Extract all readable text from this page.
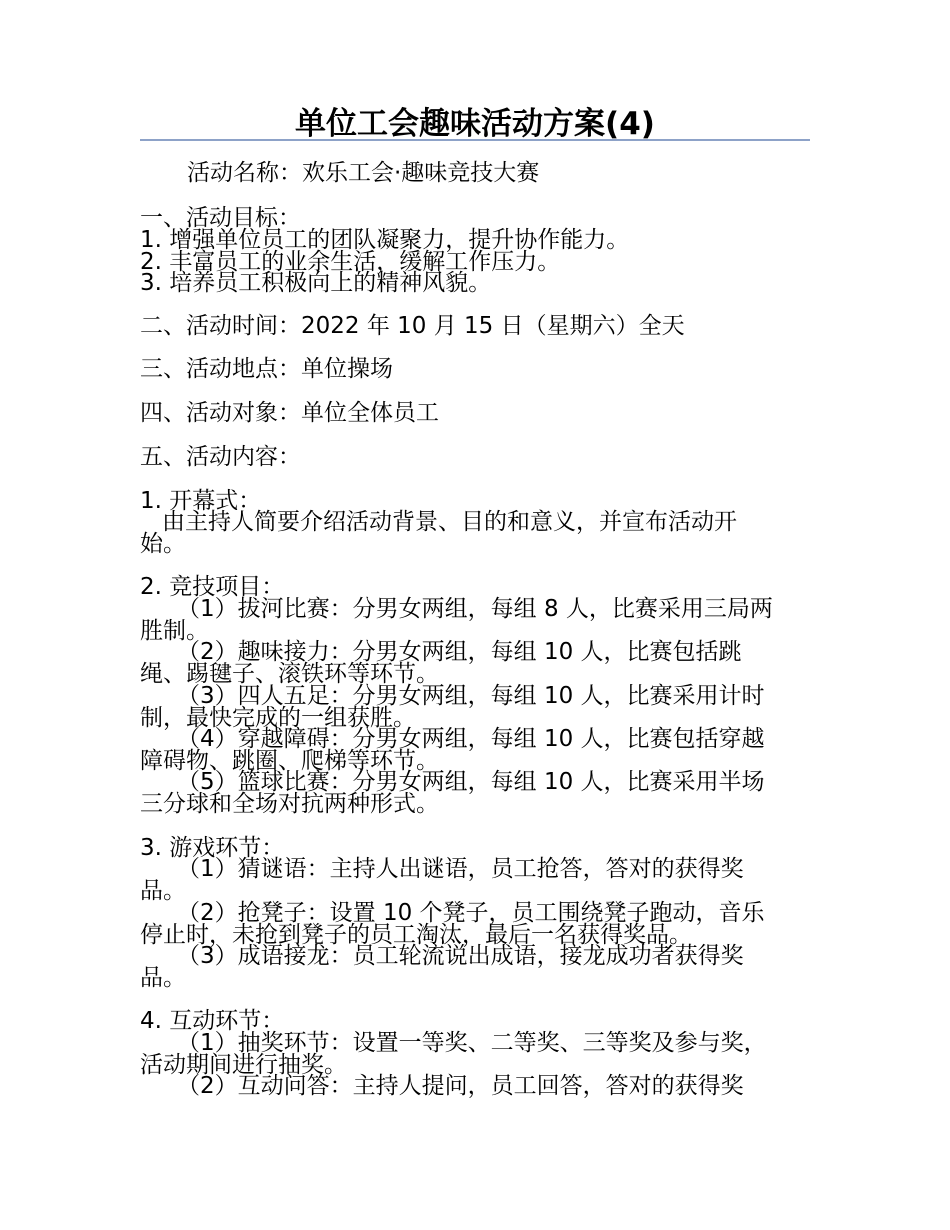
单位工会趣味活动方案(4)
活动名称：欢乐工会·趣味竞技大赛
一、活动目标：
1. 增强单位员工的团队凝聚力，提升协作能力。
2. 丰富员工的业余生活，缓解工作压力。
3. 培养员工积极向上的精神风貌。
二、活动时间：2022 年 10 月 15 日（星期六）全天
三、活动地点：单位操场
四、活动对象：单位全体员工
五、活动内容：
1. 开幕式：
由主持人简要介绍活动背景、目的和意义，并宣布活动开
始。
2. 竞技项目：
（1）拔河比赛：分男女两组，每组 8 人，比赛采用三局两
胜制。
（2）趣味接力：分男女两组，每组 10 人，比赛包括跳
绳、踢毽子、滚铁环等环节。
（3）四人五足：分男女两组，每组 10 人，比赛采用计时
制，最快完成的一组获胜。
（4）穿越障碍：分男女两组，每组 10 人，比赛包括穿越
障碍物、跳圈、爬梯等环节。
（5）篮球比赛：分男女两组，每组 10 人，比赛采用半场
三分球和全场对抗两种形式。
3. 游戏环节：
（1）猜谜语：主持人出谜语，员工抢答，答对的获得奖
品。
（2）抢凳子：设置 10 个凳子，员工围绕凳子跑动，音乐
停止时，未抢到凳子的员工淘汰，最后一名获得奖品。
（3）成语接龙：员工轮流说出成语，接龙成功者获得奖
品。
4. 互动环节：
（1）抽奖环节：设置一等奖、二等奖、三等奖及参与奖，
活动期间进行抽奖。
（2）互动问答：主持人提问，员工回答，答对的获得奖
